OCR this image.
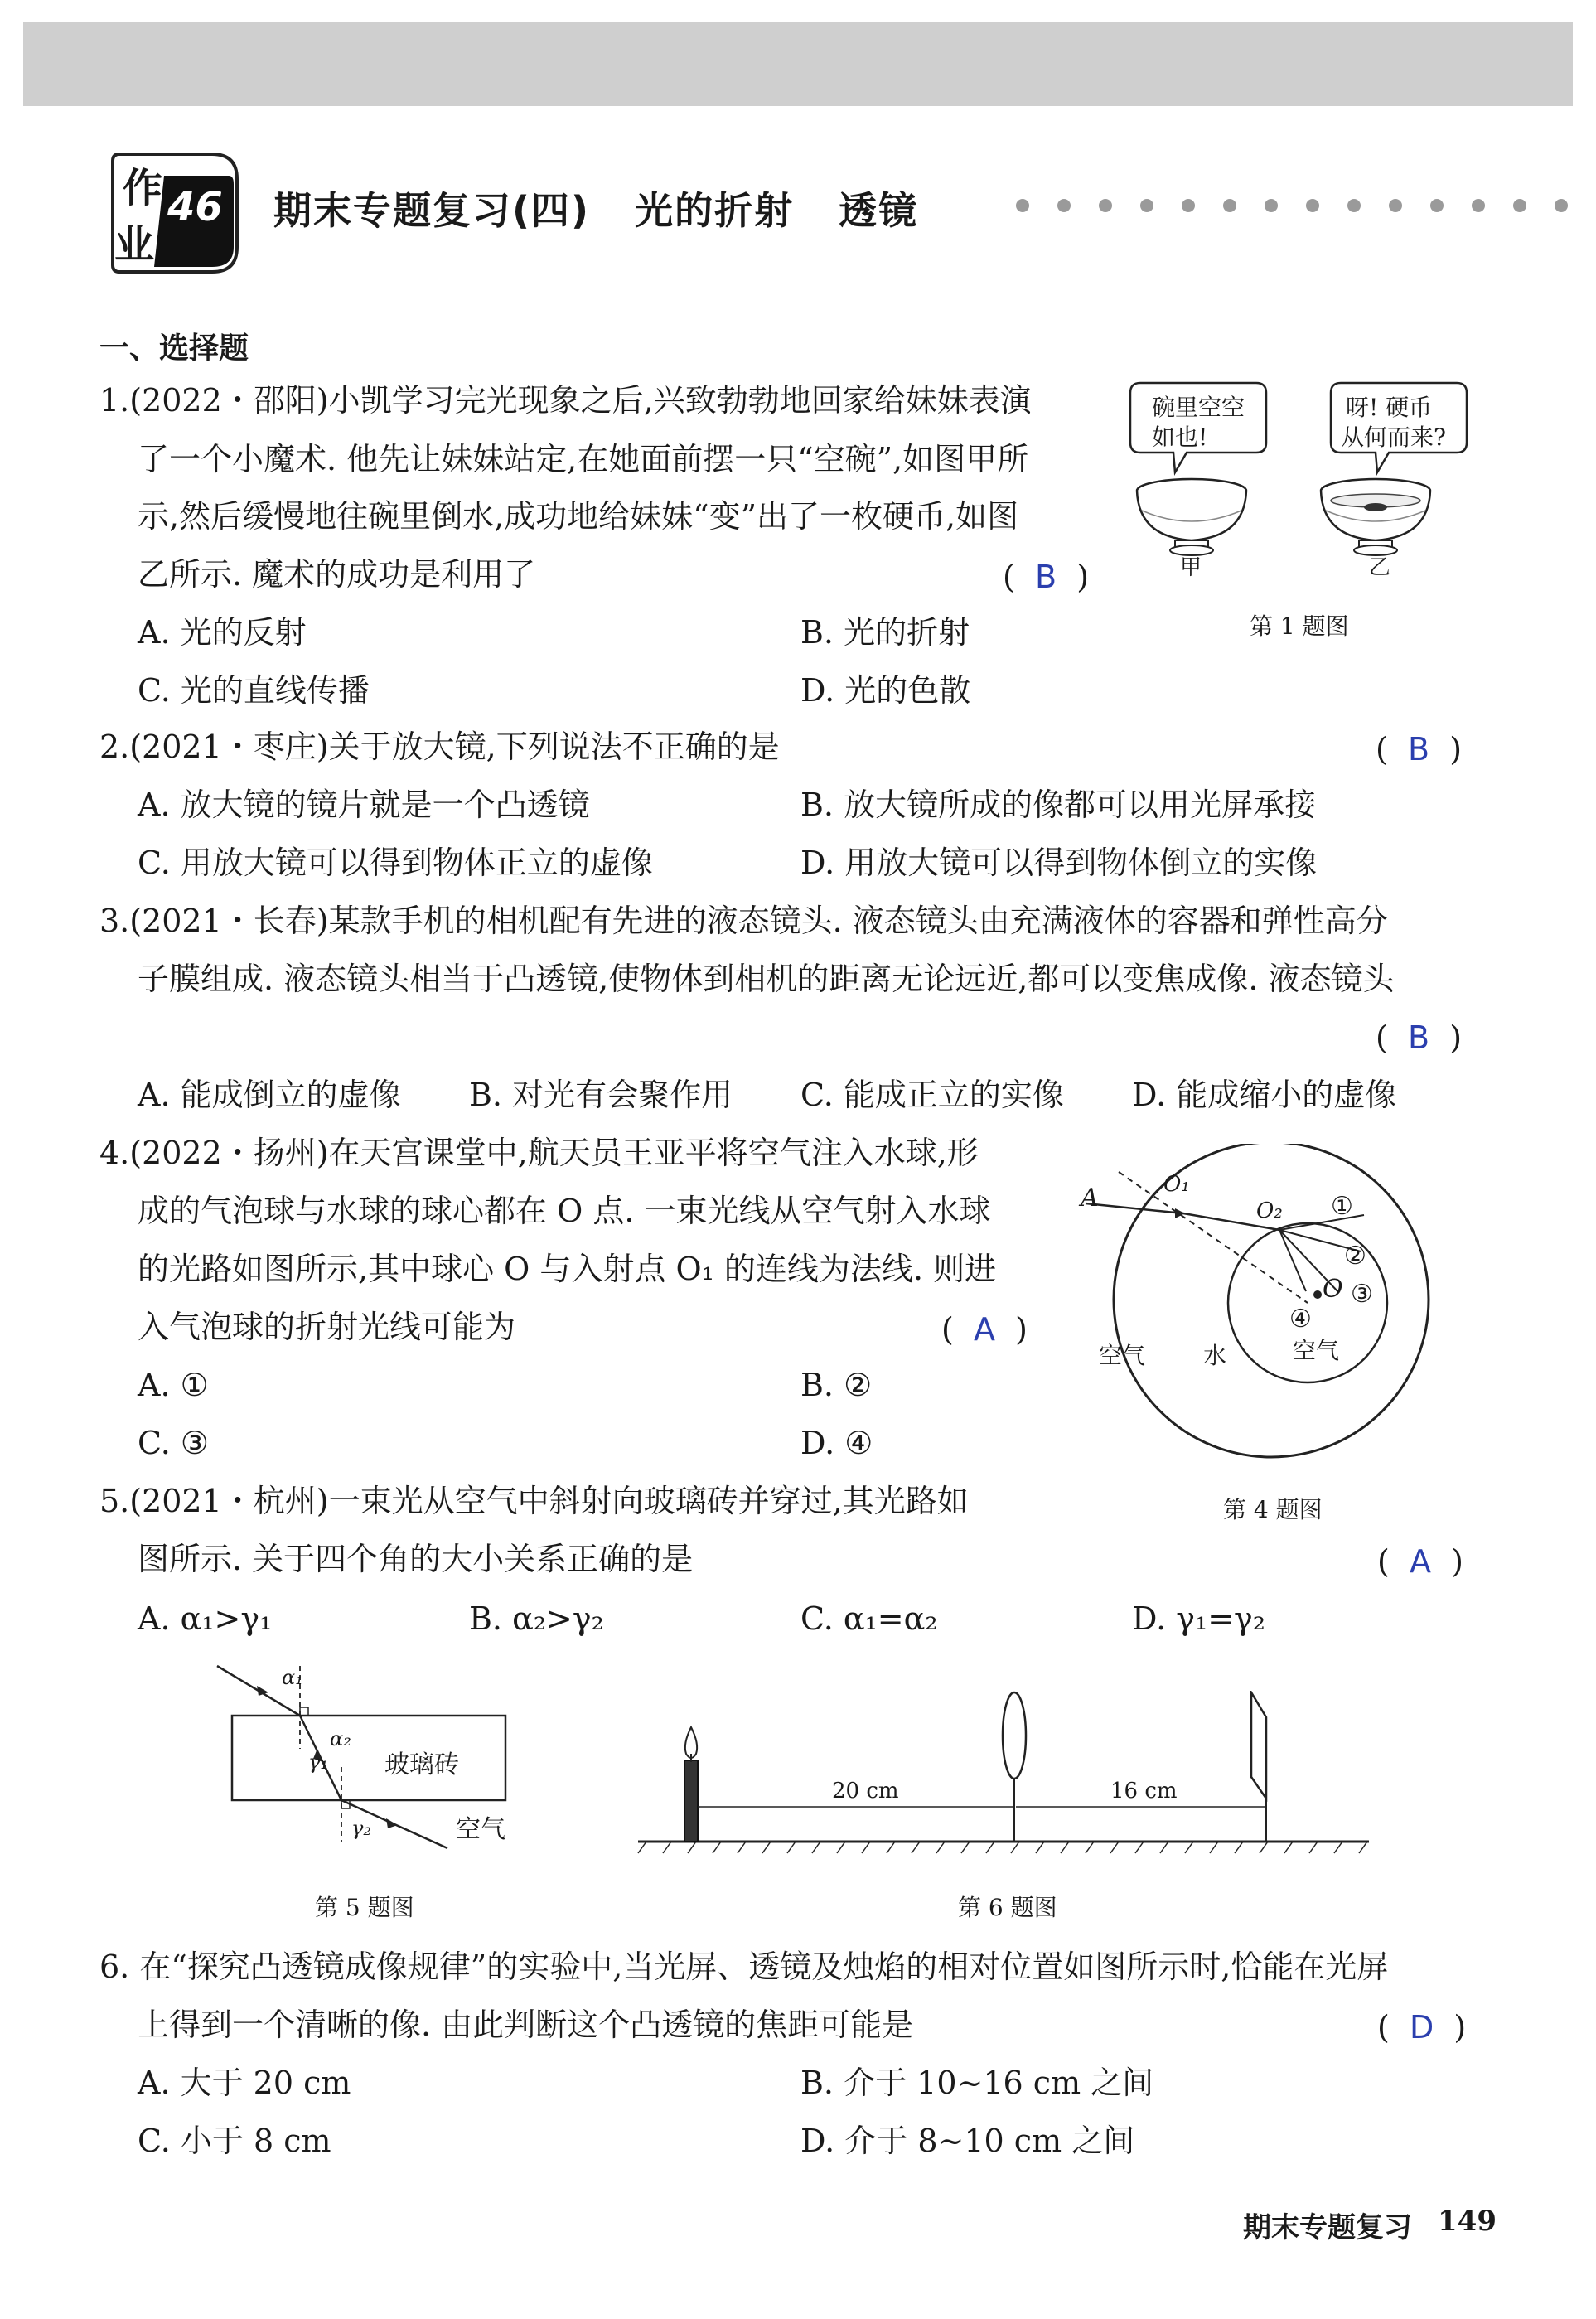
作
业
46 期末专题复习(四)   光的折射   透镜
一、选择题
1.(2022・邵阳)小凯学习完光现象之后,兴致勃勃地回家给妹妹表演
了一个小魔术. 他先让妹妹站定,在她面前摆一只“空碗”,如图甲所
示,然后缓慢地往碗里倒水,成功地给妹妹“变”出了一枚硬币,如图
乙所示. 魔术的成功是利用了	(  B  )
A. 光的反射	B. 光的折射
C. 光的直线传播	D. 光的色散
碗里空空
如也!
呀! 硬币
从何而来?
甲	乙
第 1 题图
2.(2021・枣庄)关于放大镜,下列说法不正确的是	(  B  )
A. 放大镜的镜片就是一个凸透镜	B. 放大镜所成的像都可以用光屏承接
C. 用放大镜可以得到物体正立的虚像	D. 用放大镜可以得到物体倒立的实像
3.(2021・长春)某款手机的相机配有先进的液态镜头. 液态镜头由充满液体的容器和弹性高分
子膜组成. 液态镜头相当于凸透镜,使物体到相机的距离无论远近,都可以变焦成像. 液态镜头
(  B  )
A. 能成倒立的虚像 B. 对光有会聚作用 C. 能成正立的实像 D. 能成缩小的虚像
4.(2022・扬州)在天宫课堂中,航天员王亚平将空气注入水球,形
成的气泡球与水球的球心都在 O 点. 一束光线从空气射入水球
的光路如图所示,其中球心 O 与入射点 O₁ 的连线为法线. 则进
入气泡球的折射光线可能为	(  A  )
A. ①	B. ②
C. ③	D. ④
A	O₁
O₂
O
①
②
③
④
空气 水	空气
第 4 题图
5.(2021・杭州)一束光从空气中斜射向玻璃砖并穿过,其光路如
图所示. 关于四个角的大小关系正确的是	(  A  )
A. α₁>γ₁	B. α₂>γ₂	C. α₁=α₂	D. γ₁=γ₂
α₁
α₂
γ₁
γ₂
玻璃砖
空气
第 5 题图
20 cm	16 cm
第 6 题图
6. 在“探究凸透镜成像规律”的实验中,当光屏、透镜及烛焰的相对位置如图所示时,恰能在光屏
上得到一个清晰的像. 由此判断这个凸透镜的焦距可能是	(  D  )
A. 大于 20 cm	B. 介于 10~16 cm 之间
C. 小于 8 cm	D. 介于 8~10 cm 之间
期末专题复习 149
